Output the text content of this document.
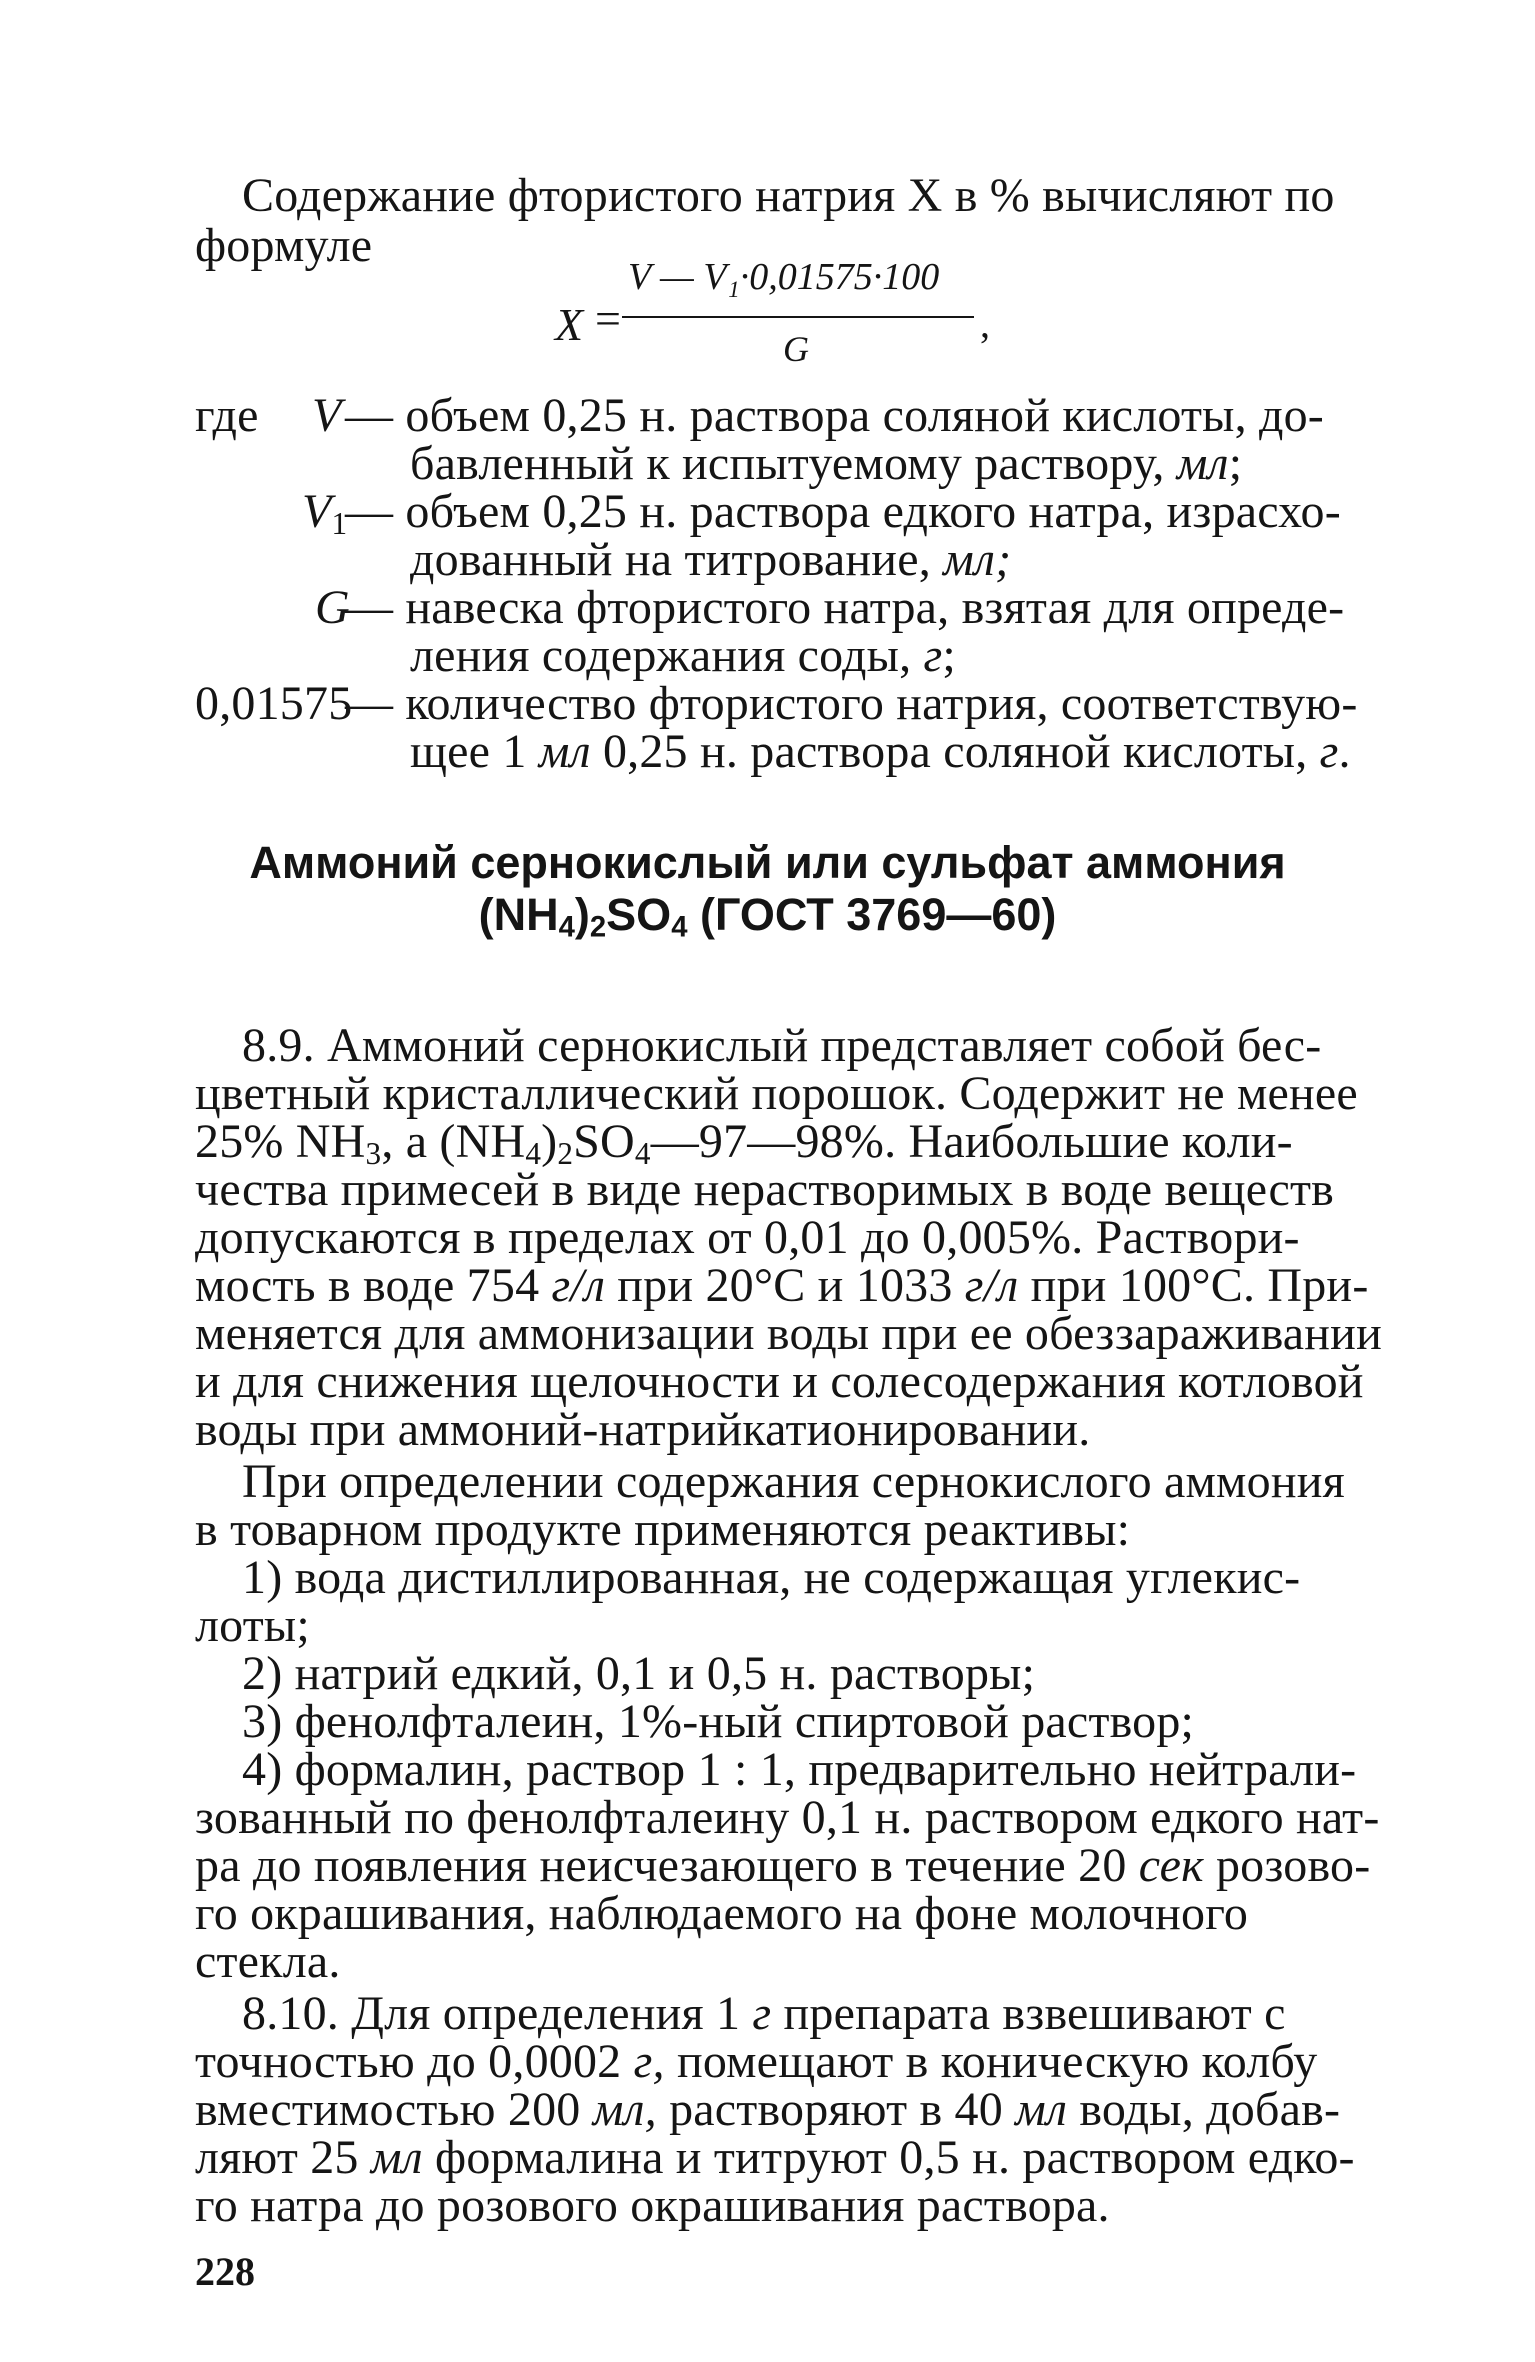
Содержание фтористого натрия X в % вычисляют по
формуле
X =
V — V₁·0,01575·100
G
,
где V — объем 0,25 н. раствора соляной кислоты, до-
бавленный к испытуемому раствору, мл;
$V_1$
— объем 0,25 н. раствора едкого натра, израсхо-
дованный на титрование, мл;
G
— навеска фтористого натра, взятая для опреде-
ления содержания соды, г;
0,01575
— количество фтористого натрия, соответствую-
щее 1 мл 0,25 н. раствора соляной кислоты, г.
Аммоний сернокислый или сульфат аммония
$(NH_4)_2SO_4$ (ГОСТ 3769—60)
8.9. Аммоний сернокислый представляет собой бес-
цветный кристаллический порошок. Содержит не менее
25% $NH_3$, а $(NH_4)_2SO_4—97—98\%$. Наибольшие коли-
чества примесей в виде нерастворимых в воде веществ
допускаются в пределах от 0,01 до 0,005%. Раствори-
мость в воде 754 г/л при 20°С и 1033 г/л при 100°С. При-
меняется для аммонизации воды при ее обеззараживании
и для снижения щелочности и солесодержания котловой
воды при аммоний-натрийкатионировании.
При определении содержания сернокислого аммония
в товарном продукте применяются реактивы:
1) вода дистиллированная, не содержащая углекис-
лоты;
2) натрий едкий, 0,1 и 0,5 н. растворы;
3) фенолфталеин, 1%-ный спиртовой раствор;
4) формалин, раствор 1 : 1, предварительно нейтрали-
зованный по фенолфталеину 0,1 н. раствором едкого нат-
ра до появления неисчезающего в течение 20 сек розово-
го окрашивания, наблюдаемого на фоне молочного
стекла.
8.10. Для определения 1 г препарата взвешивают с
точностью до 0,0002 г, помещают в коническую колбу
вместимостью 200 мл, растворяют в 40 мл воды, добав-
ляют 25 мл формалина и титруют 0,5 н. раствором едко-
го натра до розового окрашивания раствора.
228
